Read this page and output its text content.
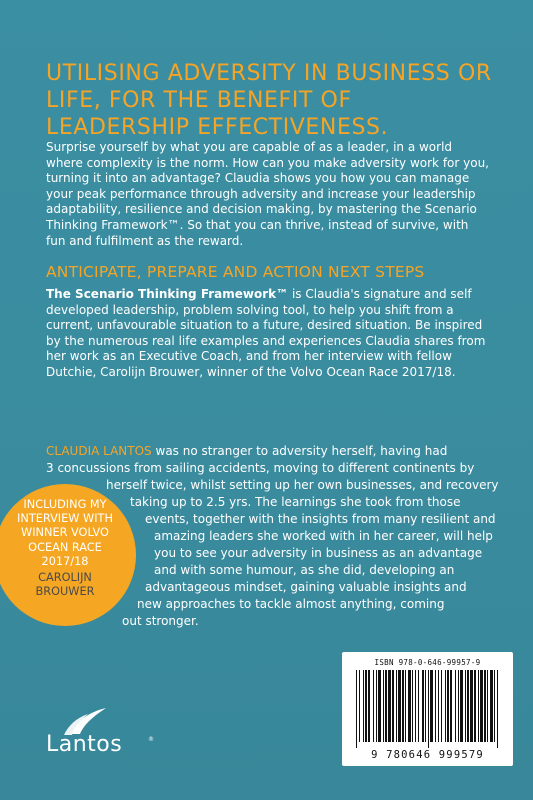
UTILISING ADVERSITY IN BUSINESS OR LIFE, FOR THE BENEFIT OF LEADERSHIP EFFECTIVENESS.

Surprise yourself by what you are capable of as a leader, in a world where complexity is the norm. How can you make adversity work for you, turning it into an advantage? Claudia shows you how you can manage your peak performance through adversity and increase your leadership adaptability, resilience and decision making, by mastering the Scenario Thinking Framework™. So that you can thrive, instead of survive, with fun and fulfilment as the reward.

ANTICIPATE, PREPARE AND ACTION NEXT STEPS

The Scenario Thinking Framework™ is Claudia's signature and self developed leadership, problem solving tool, to help you shift from a current, unfavourable situation to a future, desired situation. Be inspired by the numerous real life examples and experiences Claudia shares from her work as an Executive Coach, and from her interview with fellow Dutchie, Carolijn Brouwer, winner of the Volvo Ocean Race 2017/18.

CLAUDIA LANTOS was no stranger to adversity herself, having had
3 concussions from sailing accidents, moving to different continents by
herself twice, whilst setting up her own businesses, and recovery
taking up to 2.5 yrs. The learnings she took from those
events, together with the insights from many resilient and
amazing leaders she worked with in her career, will help
you to see your adversity in business as an advantage
and with some humour, as she did, developing an
advantageous mindset, gaining valuable insights and
new approaches to tackle almost anything, coming
out stronger.
INCLUDING MY
INTERVIEW WITH
WINNER VOLVO
OCEAN RACE
2017/18
CAROLIJN
BROUWER
Lantos	®
ISBN 978-0-646-99957-9
9 780646 999579
